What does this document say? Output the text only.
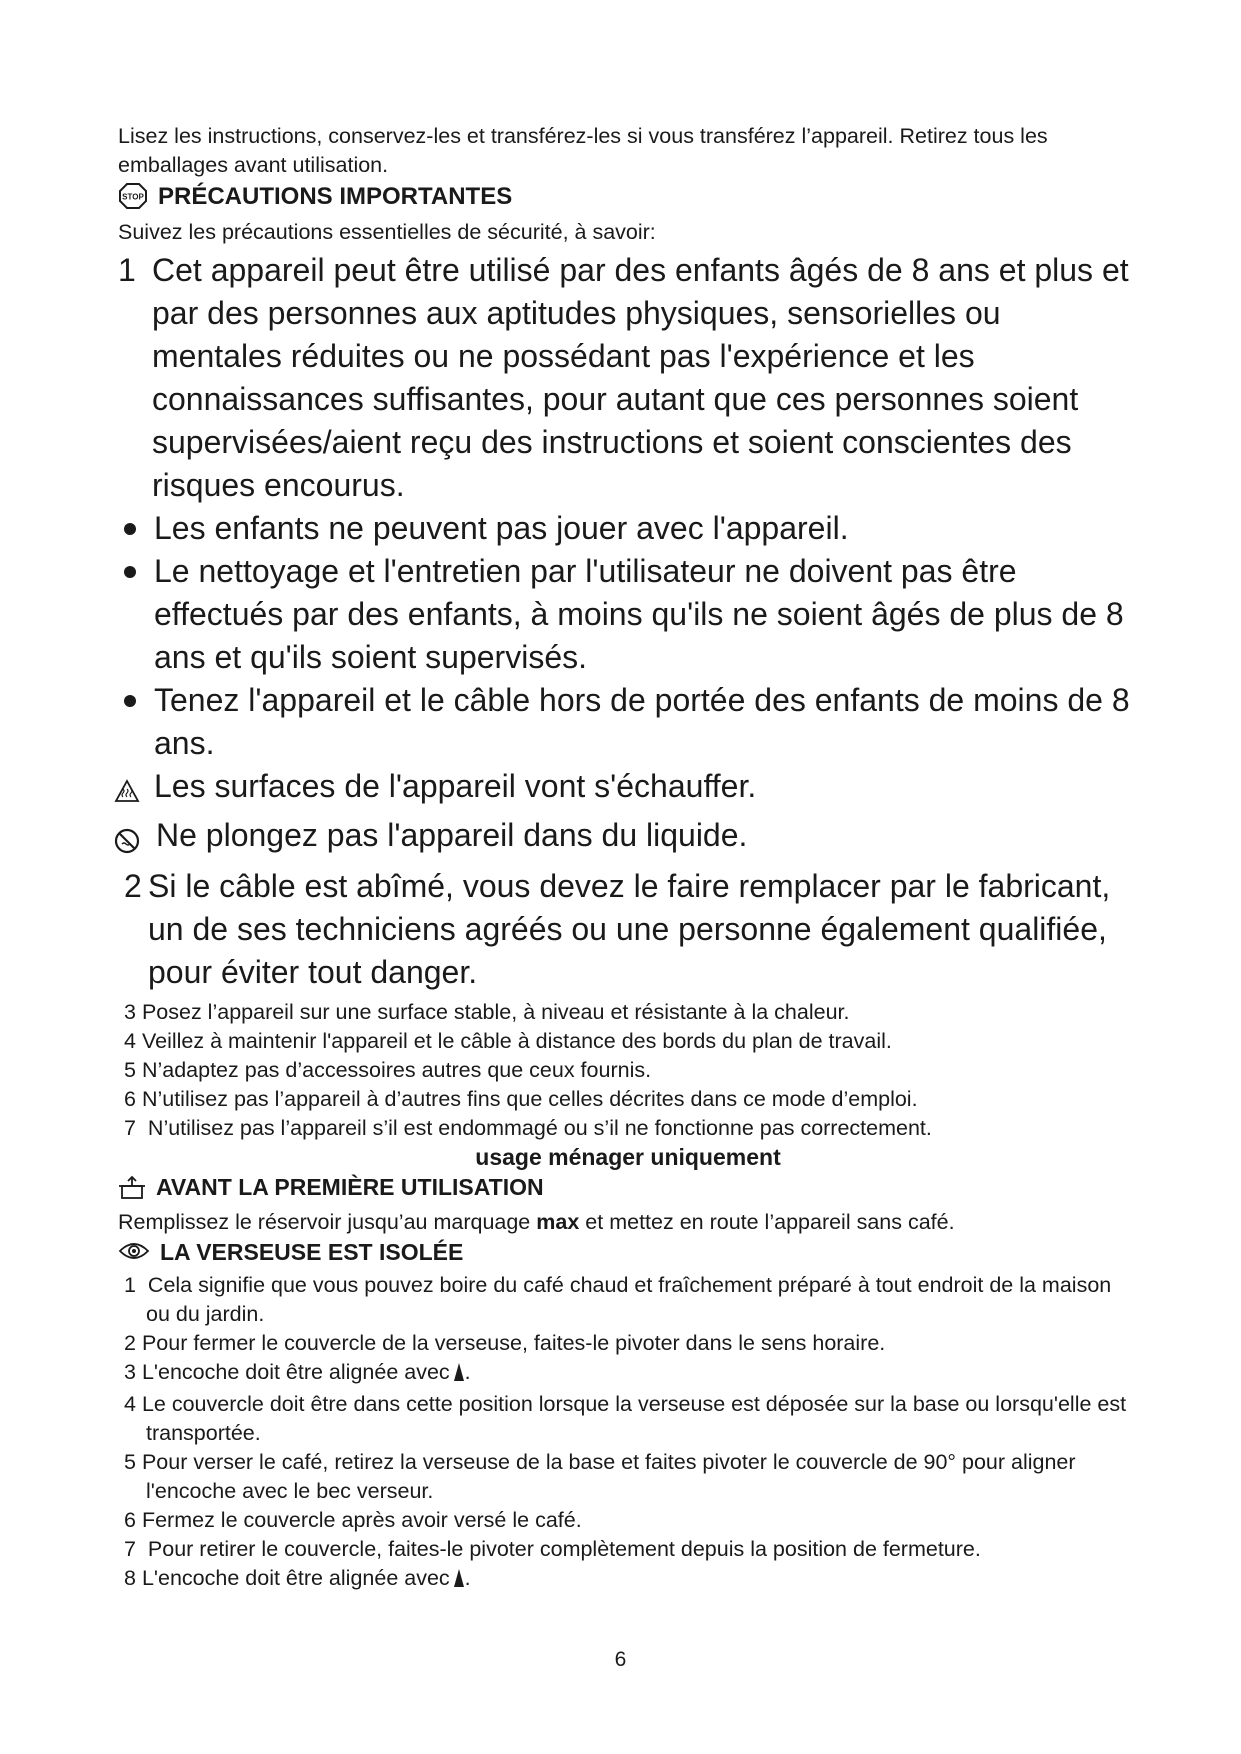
Lisez les instructions, conservez-les et transférez-les si vous transférez l’appareil. Retirez tous les emballages avant utilisation.
STOP PRÉCAUTIONS IMPORTANTES
Suivez les précautions essentielles de sécurité, à savoir:
1 Cet appareil peut être utilisé par des enfants âgés de 8 ans et plus et par des personnes aux aptitudes physiques, sensorielles ou mentales réduites ou ne possédant pas l'expérience et les connaissances suffisantes, pour autant que ces personnes soient supervisées/aient reçu des instructions et soient conscientes des risques encourus.
Les enfants ne peuvent pas jouer avec l'appareil.
Le nettoyage et l'entretien par l'utilisateur ne doivent pas être effectués par des enfants, à moins qu'ils ne soient âgés de plus de 8 ans et qu'ils soient supervisés.
Tenez l'appareil et le câble hors de portée des enfants de moins de 8 ans.
Les surfaces de l'appareil vont s'échauffer.
Ne plongez pas l'appareil dans du liquide.
2 Si le câble est abîmé, vous devez le faire remplacer par le fabricant, un de ses techniciens agréés ou une personne également qualifiée, pour éviter tout danger.
3 Posez l’appareil sur une surface stable, à niveau et résistante à la chaleur.
4 Veillez à maintenir l'appareil et le câble à distance des bords du plan de travail.
5 N’adaptez pas d’accessoires autres que ceux fournis.
6 N’utilisez pas l’appareil à d’autres fins que celles décrites dans ce mode d’emploi.
7 N’utilisez pas l’appareil s’il est endommagé ou s’il ne fonctionne pas correctement.
usage ménager uniquement
AVANT LA PREMIÈRE UTILISATION
Remplissez le réservoir jusqu’au marquage max et mettez en route l’appareil sans café.
LA VERSEUSE EST ISOLÉE
1 Cela signifie que vous pouvez boire du café chaud et fraîchement préparé à tout endroit de la maison ou du jardin.
2 Pour fermer le couvercle de la verseuse, faites-le pivoter dans le sens horaire.
3 L'encoche doit être alignée avec .
4 Le couvercle doit être dans cette position lorsque la verseuse est déposée sur la base ou lorsqu'elle est transportée.
5 Pour verser le café, retirez la verseuse de la base et faites pivoter le couvercle de 90° pour aligner l'encoche avec le bec verseur.
6 Fermez le couvercle après avoir versé le café.
7 Pour retirer le couvercle, faites-le pivoter complètement depuis la position de fermeture.
8 L'encoche doit être alignée avec .
6
